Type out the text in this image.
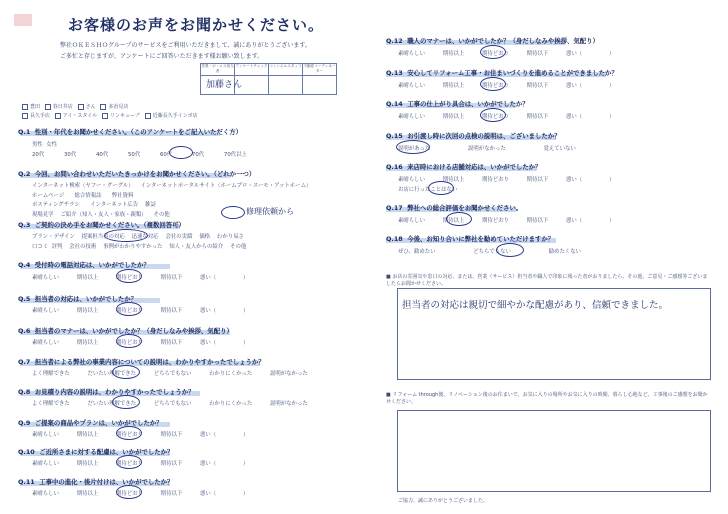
お客様のお声をお聞かせください。
弊社ＯＫＥＳＨＯグループのサービスをご利用いただきまして、誠にありがとうございます。
ご多忙と存じますが、アンケートにご回答いただきます様お願い致します。
営業・ボ・エス担当者	アンケートチェック	コンシエルスタッフ	不動産コーディネーター

加藤さん
豊田	春日井店	さん	多治見店
長久手店	アイ・スタイル	リンキューブ	近藤長久手インボ店
Q.1 性別・年代をお聞かせください。（このアンケートをご記入いただく方）
男性 女性
20代	30代	40代	50代	60代	70代	70代以上
Q.2 今回、お問い合わせいただいたきっかけをお聞かせください。（どれか一つ）
インターネット検索（ヤフー・グーグル） インターネットポータルサイト（ホームプロ・スーモ・アットホーム）
ホームページ 総合情報誌 弊社資料
ポスティングチラシ インターネット広告 雑誌
現場見学 ご紹介（知人・友人・家族・親類） その他	修理依頼から
Q.3 ご契約の決め手をお聞かせください。（複数回答可）
プラン・デザイン 提案担当者の対応 迅速な対応 会社の実績 価格 わかり易さ
口コミ 評判 会社の技術 事例がわかりやすかった 知人・友人からの紹介 その他
Q.4 受付時の電話対応は、いかがでしたか？
素晴らしい	期待以上	期待どおり	期待以下	悪い（　　　　　）
Q.5 担当者の対応は、いかがでしたか？
素晴らしい	期待以上	期待どおり	期待以下	悪い（　　　　　）
Q.6 担当者のマナーは、いかがでしたか？（身だしなみや挨拶、気配り）
素晴らしい	期待以上	期待どおり	期待以下	悪い（　　　　　）
Q.7 担当者による弊社の事業内容についての説明は、わかりやすかったでしょうか？
よく理解できた	だいたい理解できた	どちらでもない	わかりにくかった	説明がなかった
Q.8 お見積り内容の説明は、わかりやすかったでしょうか？
よく理解できた	だいたい理解できた	どちらでもない	わかりにくかった	説明がなかった
Q.9 ご提案の商品やプランは、いかがでしたか？
素晴らしい	期待以上	期待どおり	期待以下	悪い（　　　　　）
Q.10 ご近所さまに対する配慮は、いかがでしたか？
素晴らしい	期待以上	期待どおり	期待以下	悪い（　　　　　）
Q.11 工事中の進化・後片付けは、いかがでしたか？
素晴らしい	期待以上	期待どおり	期待以下	悪い（　　　　　）
Q.12 職人のマナーは、いかがでしたか？（身だしなみや挨拶、気配り）
素晴らしい	期待以上	期待どおり	期待以下	悪い（　　　　　）
Q.13 安心してリフォーム工事・お住まいづくりを進めることができましたか？
素晴らしい	期待以上	期待どおり	期待以下	悪い（　　　　　）
Q.14 工事の仕上がり具合は、いかがでしたか？
素晴らしい	期待以上	期待どおり	期待以下	悪い（　　　　　）
Q.15 お引渡し時に次回の点検の説明は、ございましたか？
説明があった	説明がなかった	覚えていない
Q.16 来店時における店舗対応は、いかがでしたか？
素晴らしい	期待以上	期待どおり	期待以下	悪い（　　　　　）
お店に行ったことはない
Q.17 弊社への総合評価をお聞かせください。
素晴らしい	期待以上	期待どおり	期待以下	悪い（　　　　　）
Q.18 今後、お知り合いに弊社を勧めていただけますか？
ぜひ、勧めたい	どちらでもない	勧めたくない
■ お店の雰囲気や窓口の対応、または、営業（サービス）担当者や職人で印象に残った者がおりましたら、その他、ご意見・ご感想等ございましたらお聞かせください。
担当者の対応は親切で細やかな配慮があり、信頼できました。
■ リフォーム through後、リノベーション後のお住まいで、お気に入りの場所やお気に入りの時間、暮らし心地など、工事後のご感想をお聞かせください。
ご協力、誠にありがとうございました。
